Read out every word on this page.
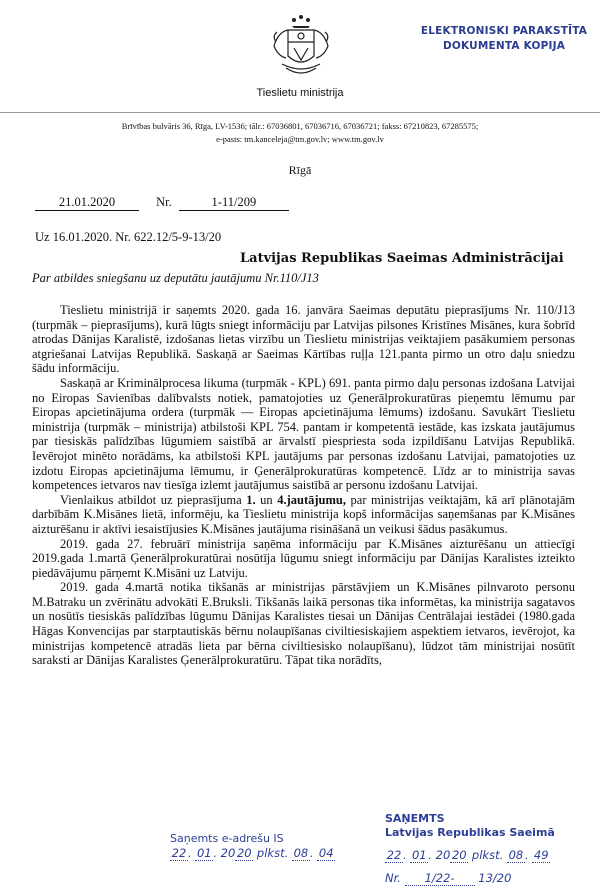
Tieslietu ministrija
ELEKTRONISKI PARAKSTĪTA
DOKUMENTA KOPIJA
Brīvības bulvāris 36, Rīga, LV-1536; tālr.: 67036801, 67036716, 67036721; fakss: 67210823, 67285575;
e-pasts: tm.kanceleja@tm.gov.lv; www.tm.gov.lv
Rīgā
21.01.2020	Nr.	1-11/209
Uz 16.01.2020. Nr. 622.12/5-9-13/20
Latvijas Republikas Saeimas Administrācijai
Par atbildes sniegšanu uz deputātu jautājumu Nr.110/J13

Tieslietu ministrijā ir saņemts 2020. gada 16. janvāra Saeimas deputātu pieprasījums Nr. 110/J13 (turpmāk – pieprasījums), kurā lūgts sniegt informāciju par Latvijas pilsones Kristīnes Misānes, kura šobrīd atrodas Dānijas Karalistē, izdošanas lietas virzību un Tieslietu ministrijas veiktajiem pasākumiem personas atgriešanai Latvijas Republikā. Saskaņā ar Saeimas Kārtības ruļļa 121.panta pirmo un otro daļu sniedzu šādu informāciju.

Saskaņā ar Kriminālprocesa likuma (turpmāk - KPL) 691. panta pirmo daļu personas izdošana Latvijai no Eiropas Savienības dalībvalsts notiek, pamatojoties uz Ģenerālprokuratūras pieņemtu lēmumu par Eiropas apcietinājuma ordera (turpmāk — Eiropas apcietinājuma lēmums) izdošanu. Savukārt Tieslietu ministrija (turpmāk – ministrija) atbilstoši KPL 754. pantam ir kompetentā iestāde, kas izskata jautājumus par tiesiskās palīdzības lūgumiem saistībā ar ārvalstī piespriesta soda izpildīšanu Latvijas Republikā. Ievērojot minēto norādāms, ka atbilstoši KPL jautājums par personas izdošanu Latvijai, pamatojoties uz izdotu Eiropas apcietinājuma lēmumu, ir Ģenerālprokuratūras kompetencē. Līdz ar to ministrija savas kompetences ietvaros nav tiesīga izlemt jautājumus saistībā ar personu izdošanu Latvijai.

Vienlaikus atbildot uz pieprasījuma 1. un 4.jautājumu, par ministrijas veiktajām, kā arī plānotajām darbībām K.Misānes lietā, informēju, ka Tieslietu ministrija kopš informācijas saņemšanas par K.Misānes aizturēšanu ir aktīvi iesaistījusies K.Misānes jautājuma risināšanā un veikusi šādus pasākumus.

2019. gada 27. februārī ministrija saņēma informāciju par K.Misānes aizturēšanu un attiecīgi 2019.gada 1.martā Ģenerālprokuratūrai nosūtīja lūgumu sniegt informāciju par Dānijas Karalistes izteikto piedāvājumu pārņemt K.Misāni uz Latviju.

2019. gada 4.martā notika tikšanās ar ministrijas pārstāvjiem un K.Misānes pilnvaroto personu M.Batraku un zvērinātu advokāti E.Bruksli. Tikšanās laikā personas tika informētas, ka ministrija sagatavos un nosūtīs tiesiskās palīdzības lūgumu Dānijas Karalistes tiesai un Dānijas Centrālajai iestādei (1980.gada Hāgas Konvencijas par starptautiskās bērnu nolaupīšanas civiltiesiskajiem aspektiem ietvaros, ievērojot, ka ministrijas kompetencē atradās lieta par bērna civiltiesisko nolaupīšanu), lūdzot tām ministrijai nosūtīt saraksti ar Dānijas Karalistes Ģenerālprokuratūru. Tāpat tika norādīts,

Saņemts e-adrešu IS
22 . 01 . 20 20 plkst. 08 . 04
SAŅEMTS
Latvijas Republikas Saeimā
22 . 01 . 20 20 plkst. 08 . 49
Nr. 1/22- 13/20
